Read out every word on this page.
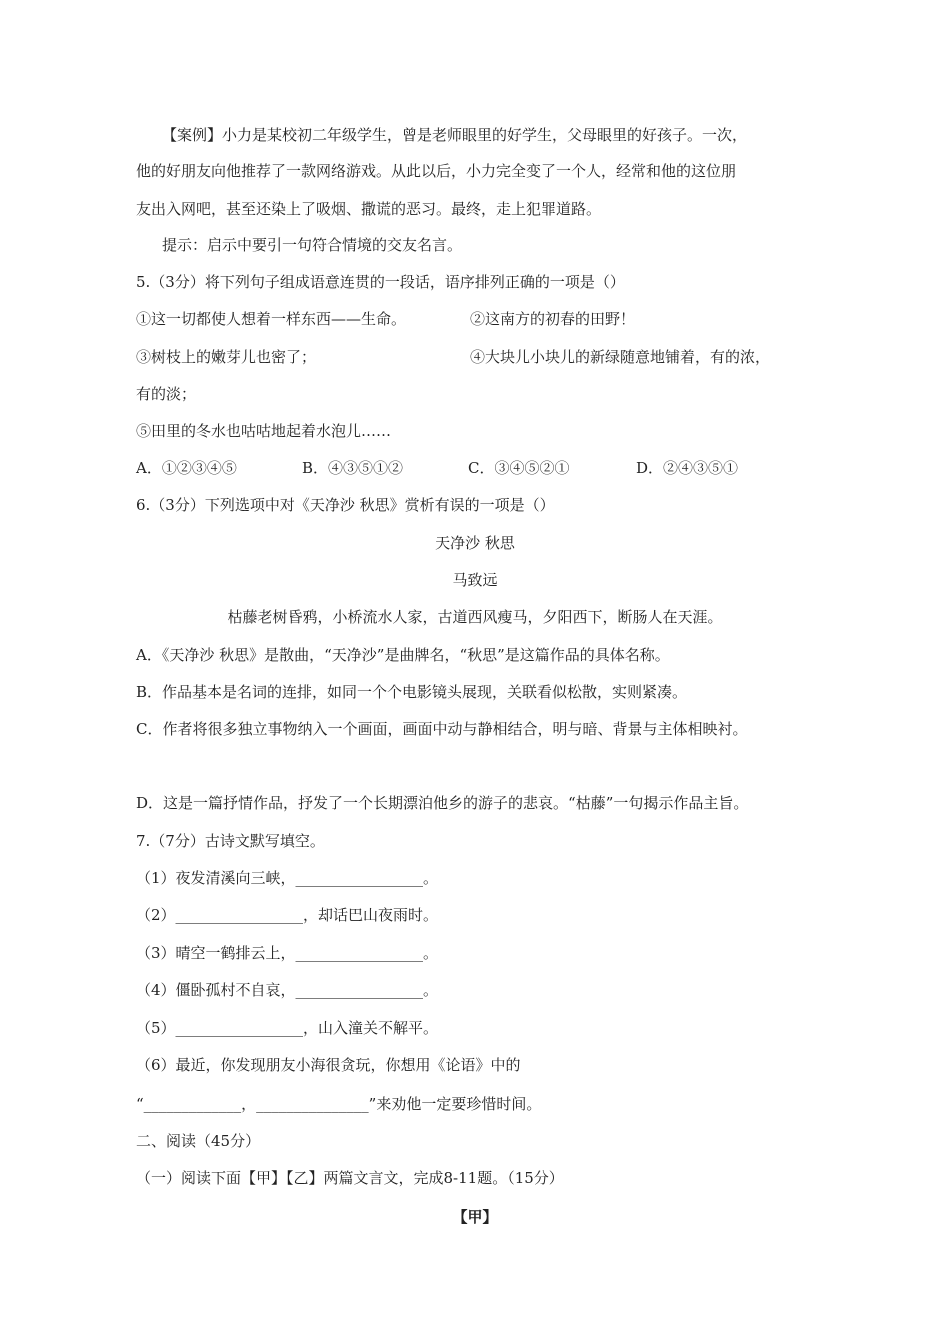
【案例】小力是某校初二年级学生，曾是老师眼里的好学生，父母眼里的好孩子。一次，
他的好朋友向他推荐了一款网络游戏。从此以后，小力完全变了一个人，经常和他的这位朋
友出入网吧，甚至还染上了吸烟、撒谎的恶习。最终，走上犯罪道路。
提示：启示中要引一句符合情境的交友名言。
5.（3分）将下列句子组成语意连贯的一段话，语序排列正确的一项是（）
①这一切都使人想着一样东西——生命。	②这南方的初春的田野！
③树枝上的嫩芽儿也密了；	④大块儿小块儿的新绿随意地铺着，有的浓，
有的淡；
⑤田里的冬水也咕咕地起着水泡儿……
A．①②③④⑤	B．④③⑤①②	C．③④⑤②①	D．②④③⑤①
6.（3分）下列选项中对《天净沙 秋思》赏析有误的一项是（）
天净沙 秋思
马致远
枯藤老树昏鸦，小桥流水人家，古道西风瘦马，夕阳西下，断肠人在天涯。
A．《天净沙 秋思》是散曲，“天净沙”是曲牌名，“秋思”是这篇作品的具体名称。
B．作品基本是名词的连排，如同一个个电影镜头展现，关联看似松散，实则紧凑。
C．作者将很多独立事物纳入一个画面，画面中动与静相结合，明与暗、背景与主体相映衬。
D．这是一篇抒情作品，抒发了一个长期漂泊他乡的游子的悲哀。“枯藤”一句揭示作品主旨。
7.（7分）古诗文默写填空。
（1）夜发清溪向三峡，_________________。
（2）_________________，却话巴山夜雨时。
（3）晴空一鹤排云上，_________________。
（4）僵卧孤村不自哀，_________________。
（5）_________________，山入潼关不解平。
（6）最近，你发现朋友小海很贪玩，你想用《论语》中的
“_____________，_______________”来劝他一定要珍惜时间。
二、阅读（45分）
（一）阅读下面【甲】【乙】两篇文言文，完成8-11题。（15分）
【甲】
